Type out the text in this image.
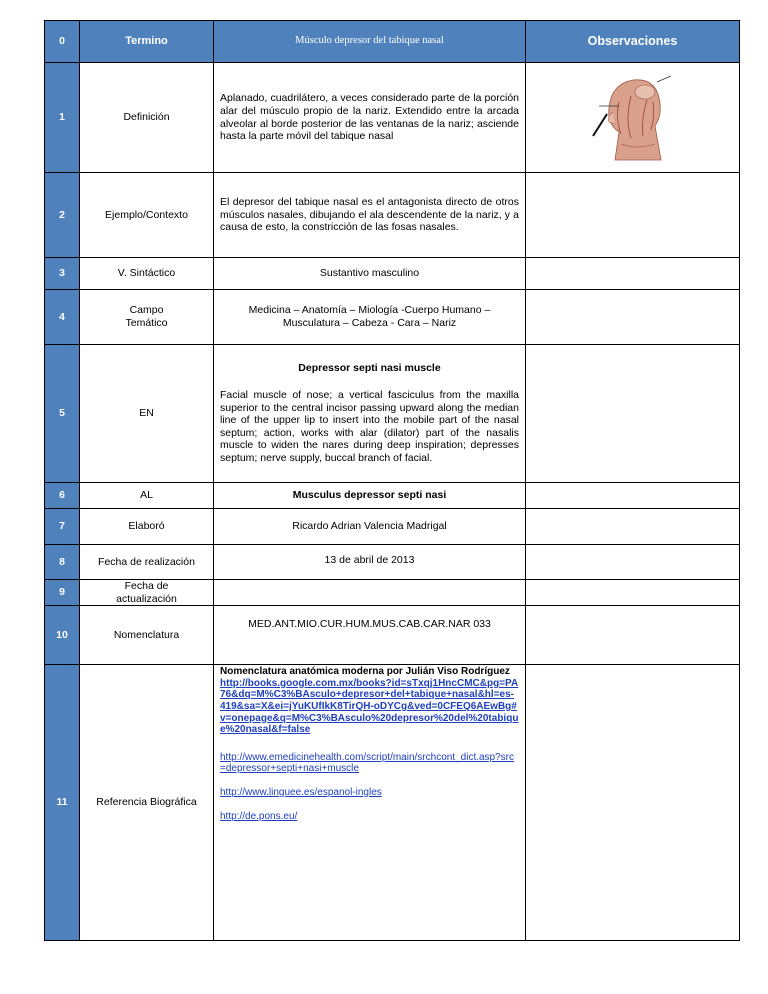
0	Termino	Músculo depresor del tabique nasal	Observaciones
1	Definición	Aplanado, cuadrilátero, a veces considerado parte de la porción alar del músculo propio de la nariz. Extendido entre la arcada alveolar al borde posterior de las ventanas de la nariz; asciende hasta la parte móvil del tabique nasal	

2	Ejemplo/Contexto	El depresor del tabique nasal es el antagonista directo de otros músculos nasales, dibujando el ala descendente de la nariz, y a causa de esto, la constricción de las fosas nasales.	
3	V. Sintáctico	Sustantivo masculino	
4	Campo Temático	Medicina – Anatomía – Miología -Cuerpo Humano – Musculatura – Cabeza - Cara – Nariz	
5	EN	Depressor septi nasi muscle
Facial muscle of nose; a vertical fasciculus from the maxilla superior to the central incisor passing upward along the median line of the upper lip to insert into the mobile part of the nasal septum; action, works with alar (dilator) part of the nasalis muscle to widen the nares during deep inspiration; depresses septum; nerve supply, buccal branch of facial.	

6	AL	Musculus depressor septi nasi	
7	Elaboró	Ricardo Adrian Valencia Madrigal	
8	Fecha de realización	13 de abril de 2013	
9	Fecha de actualización		
10	Nomenclatura	MED.ANT.MIO.CUR.HUM.MUS.CAB.CAR.NAR 033	
11	Referencia Biográfica	Nomenclatura anatómica moderna por Julián Viso Rodríguez
http://books.google.com.mx/books?id=sTxqj1HncCMC&pg=PA76&dq=M%C3%BAsculo+depresor+del+tabique+nasal&hl=es-419&sa=X&ei=jYuKUfIkK8TirQH-oDYCg&ved=0CFEQ6AEwBg#v=onepage&q=M%C3%BAsculo%20depresor%20del%20tabique%20nasal&f=false
http://www.emedicinehealth.com/script/main/srchcont_dict.asp?src=depressor+septi+nasi+muscle
http://www.linguee.es/espanol-ingles
http://de.pons.eu/	
